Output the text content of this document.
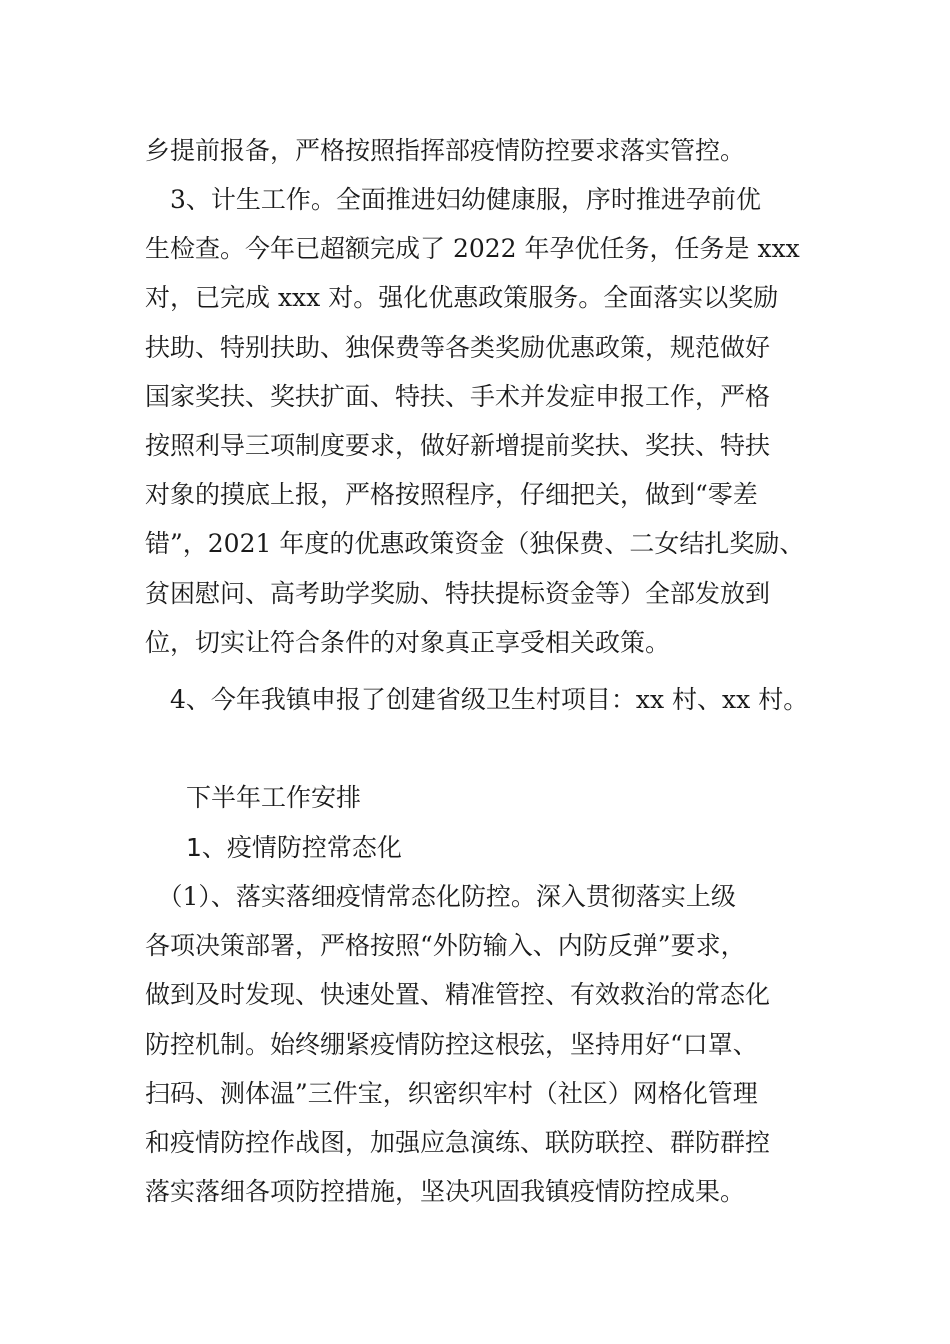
乡提前报备，严格按照指挥部疫情防控要求落实管控。
　3、计生工作。全面推进妇幼健康服，序时推进孕前优
生检查。今年已超额完成了 2022 年孕优任务，任务是 xxx
对，已完成 xxx 对。强化优惠政策服务。全面落实以奖励
扶助、特别扶助、独保费等各类奖励优惠政策，规范做好
国家奖扶、奖扶扩面、特扶、手术并发症申报工作，严格
按照利导三项制度要求，做好新增提前奖扶、奖扶、特扶
对象的摸底上报，严格按照程序，仔细把关，做到“零差
错”，2021 年度的优惠政策资金（独保费、二女结扎奖励、
贫困慰问、高考助学奖励、特扶提标资金等）全部发放到
位，切实让符合条件的对象真正享受相关政策。
　4、今年我镇申报了创建省级卫生村项目：xx 村、xx 村。
下半年工作安排
1、疫情防控常态化
　（1）、落实落细疫情常态化防控。深入贯彻落实上级
各项决策部署，严格按照“外防输入、内防反弹”要求，
做到及时发现、快速处置、精准管控、有效救治的常态化
防控机制。始终绷紧疫情防控这根弦，坚持用好“口罩、
扫码、测体温”三件宝，织密织牢村（社区）网格化管理
和疫情防控作战图，加强应急演练、联防联控、群防群控
落实落细各项防控措施，坚决巩固我镇疫情防控成果。
